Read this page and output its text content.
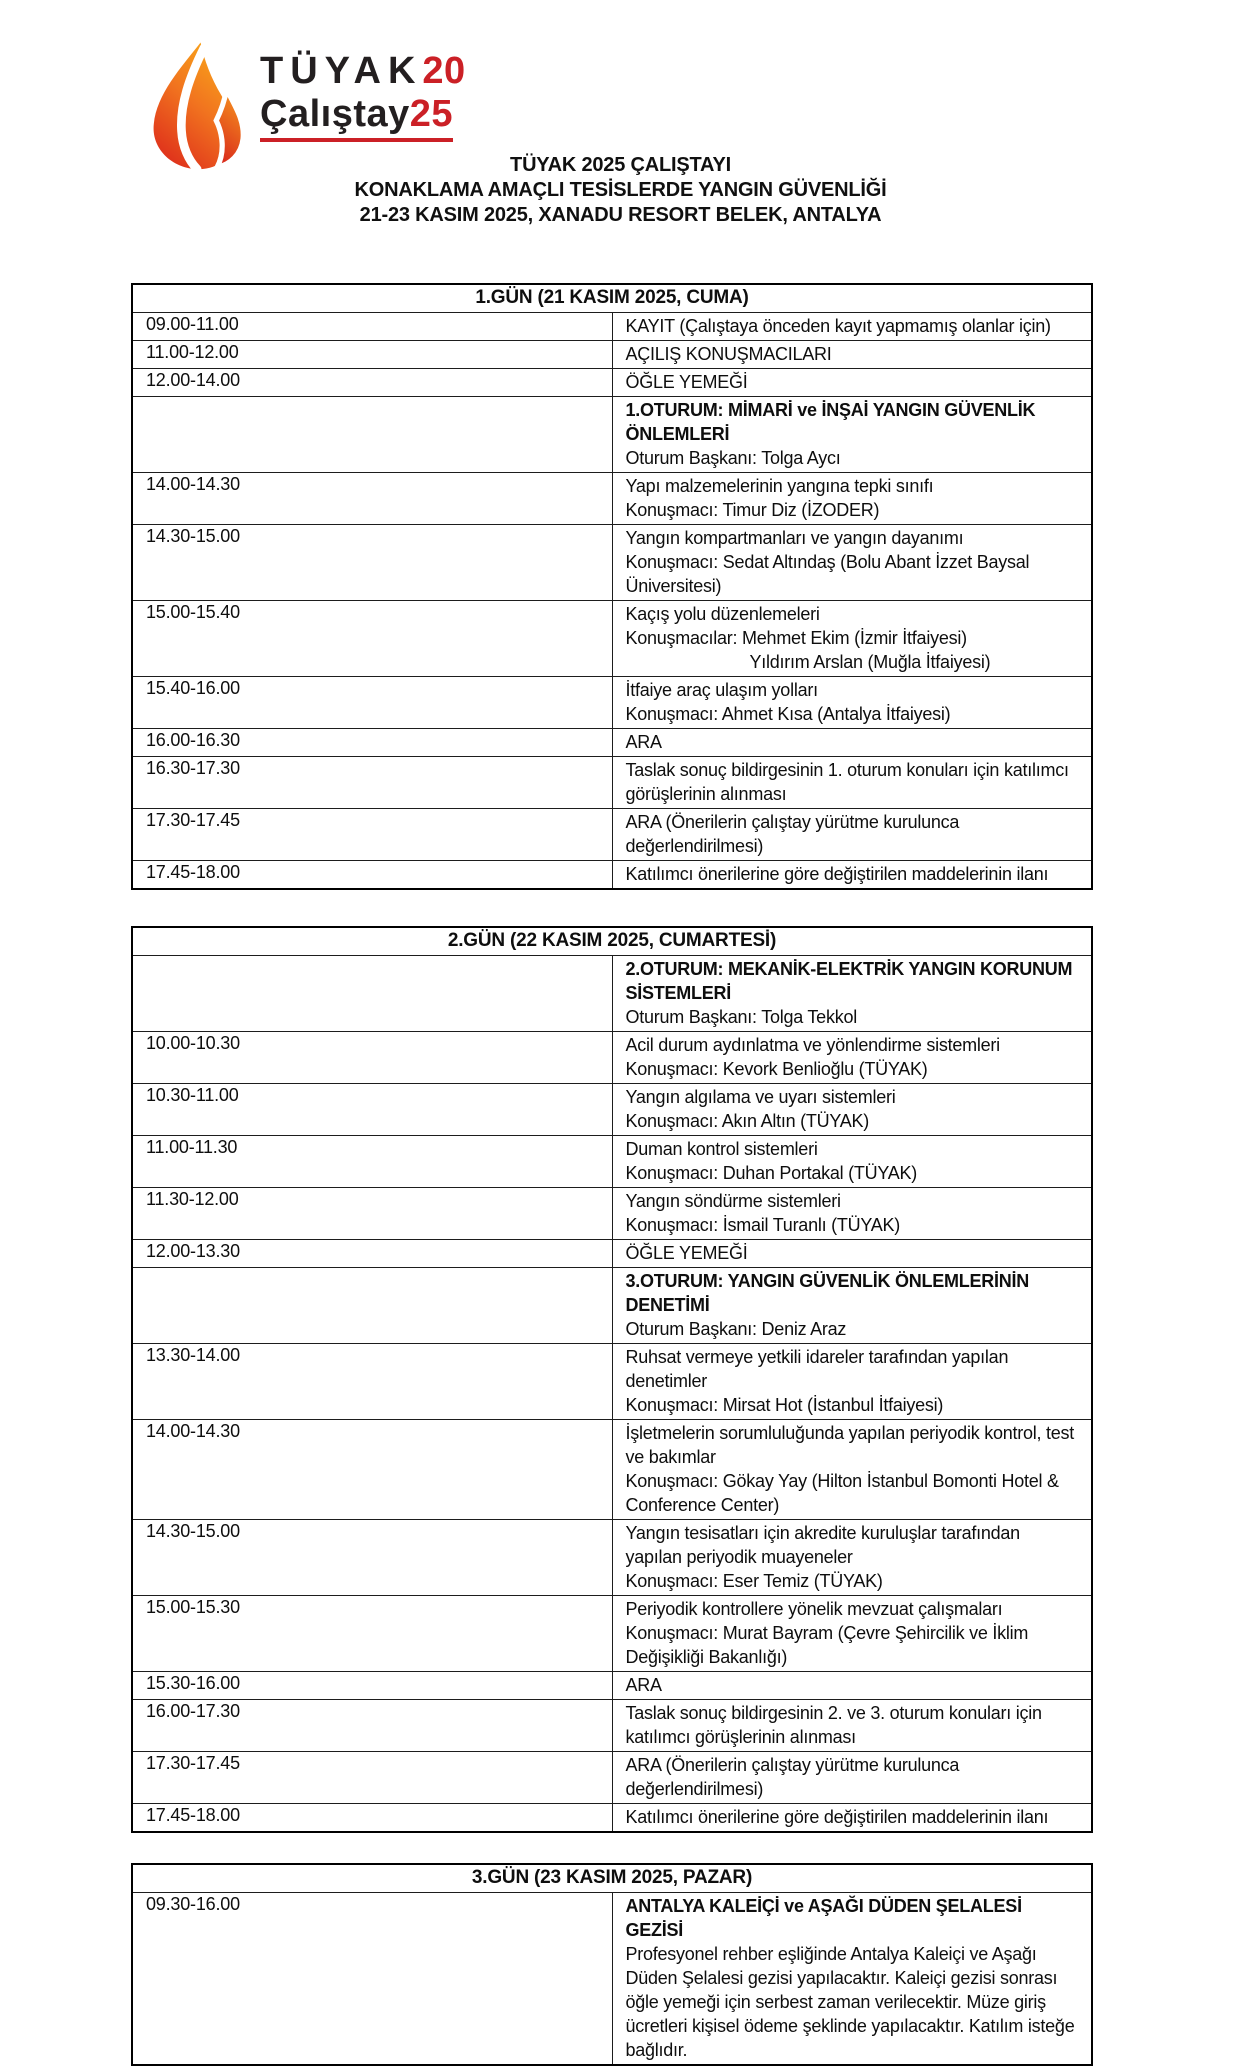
TÜYAK20
Çalıştay25
TÜYAK 2025 ÇALIŞTAYI
KONAKLAMA AMAÇLI TESİSLERDE YANGIN GÜVENLİĞİ
21-23 KASIM 2025, XANADU RESORT BELEK, ANTALYA
1.GÜN (21 KASIM 2025, CUMA)	
09.00-11.00	KAYIT (Çalıştaya önceden kayıt yapmamış olanlar için)

11.00-12.00	AÇILIŞ KONUŞMACILARI

12.00-14.00	ÖĞLE YEMEĞİ

	1.OTURUM: MİMARİ ve İNŞAİ YANGIN GÜVENLİK ÖNLEMLERİ
Oturum Başkanı: Tolga Aycı

14.00-14.30	Yapı malzemelerinin yangına tepki sınıfı
Konuşmacı: Timur Diz (İZODER)

14.30-15.00	Yangın kompartmanları ve yangın dayanımı
Konuşmacı: Sedat Altındaş (Bolu Abant İzzet Baysal Üniversitesi)

15.00-15.40	Kaçış yolu düzenlemeleri
Konuşmacılar: Mehmet Ekim (İzmir İtfaiyesi)
Yıldırım Arslan (Muğla İtfaiyesi)

15.40-16.00	İtfaiye araç ulaşım yolları
Konuşmacı: Ahmet Kısa (Antalya İtfaiyesi)

16.00-16.30	ARA

16.30-17.30	Taslak sonuç bildirgesinin 1. oturum konuları için katılımcı görüşlerinin alınması

17.30-17.45	ARA (Önerilerin çalıştay yürütme kurulunca değerlendirilmesi)

17.45-18.00	Katılımcı önerilerine göre değiştirilen maddelerinin ilanı
2.GÜN (22 KASIM 2025, CUMARTESİ)	

	2.OTURUM: MEKANİK-ELEKTRİK YANGIN KORUNUM SİSTEMLERİ
Oturum Başkanı: Tolga Tekkol

10.00-10.30	Acil durum aydınlatma ve yönlendirme sistemleri
Konuşmacı: Kevork Benlioğlu (TÜYAK)

10.30-11.00	Yangın algılama ve uyarı sistemleri
Konuşmacı: Akın Altın (TÜYAK)

11.00-11.30	Duman kontrol sistemleri
Konuşmacı: Duhan Portakal (TÜYAK)

11.30-12.00	Yangın söndürme sistemleri
Konuşmacı: İsmail Turanlı (TÜYAK)

12.00-13.30	ÖĞLE YEMEĞİ

	3.OTURUM: YANGIN GÜVENLİK ÖNLEMLERİNİN DENETİMİ
Oturum Başkanı: Deniz Araz

13.30-14.00	Ruhsat vermeye yetkili idareler tarafından yapılan denetimler
Konuşmacı: Mirsat Hot (İstanbul İtfaiyesi)

14.00-14.30	İşletmelerin sorumluluğunda yapılan periyodik kontrol, test ve bakımlar
Konuşmacı: Gökay Yay (Hilton İstanbul Bomonti Hotel & Conference Center)

14.30-15.00	Yangın tesisatları için akredite kuruluşlar tarafından yapılan periyodik muayeneler
Konuşmacı: Eser Temiz (TÜYAK)

15.00-15.30	Periyodik kontrollere yönelik mevzuat çalışmaları
Konuşmacı: Murat Bayram (Çevre Şehircilik ve İklim Değişikliği Bakanlığı)

15.30-16.00	ARA

16.00-17.30	Taslak sonuç bildirgesinin 2. ve 3. oturum konuları için katılımcı görüşlerinin alınması

17.30-17.45	ARA (Önerilerin çalıştay yürütme kurulunca değerlendirilmesi)

17.45-18.00	Katılımcı önerilerine göre değiştirilen maddelerinin ilanı
3.GÜN (23 KASIM 2025, PAZAR)
09.30-16.00	ANTALYA KALEİÇİ ve AŞAĞI DÜDEN ŞELALESİ GEZİSİ
Profesyonel rehber eşliğinde Antalya Kaleiçi ve Aşağı Düden Şelalesi gezisi yapılacaktır. Kaleiçi gezisi sonrası öğle yemeği için serbest zaman verilecektir. Müze giriş ücretleri kişisel ödeme şeklinde yapılacaktır. Katılım isteğe bağlıdır.
